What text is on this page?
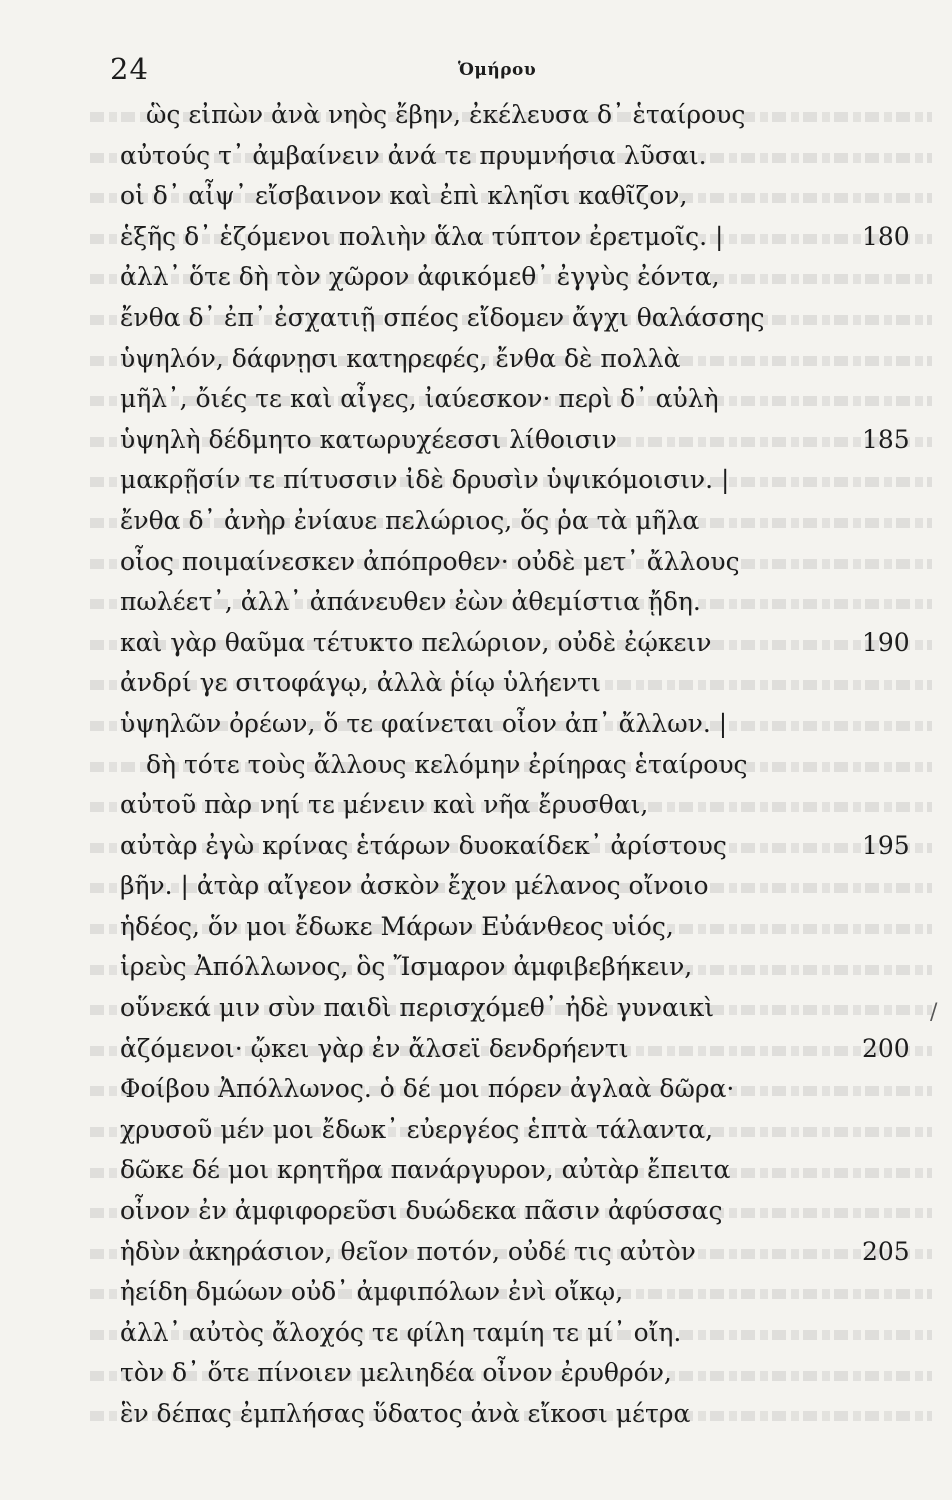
24	Ὁμήρου
ὣς εἰπὼν ἀνὰ νηὸς ἔβην, ἐκέλευσα δ᾽ ἑταίρους
αὐτούς τ᾽ ἀμβαίνειν ἀνά τε πρυμνήσια λῦσαι.
οἱ δ᾽ αἶψ᾽ εἴσβαινον καὶ ἐπὶ κληῖσι καθῖζον,
ἑξῆς δ᾽ ἑζόμενοι πολιὴν ἅλα τύπτον ἐρετμοῖς. |	180
ἀλλ᾽ ὅτε δὴ τὸν χῶρον ἀφικόμεθ᾽ ἐγγὺς ἐόντα,
ἔνθα δ᾽ ἐπ᾽ ἐσχατιῇ σπέος εἴδομεν ἄγχι θαλάσσης
ὑψηλόν, δάφνῃσι κατηρεφές, ἔνθα δὲ πολλὰ
μῆλ᾽, ὄιές τε καὶ αἶγες, ἰαύεσκον· περὶ δ᾽ αὐλὴ
ὑψηλὴ δέδμητο κατωρυχέεσσι λίθοισιν	185
μακρῇσίν τε πίτυσσιν ἰδὲ δρυσὶν ὑψικόμοισιν. |
ἔνθα δ᾽ ἀνὴρ ἐνίαυε πελώριος, ὅς ῥα τὰ μῆλα
οἶος ποιμαίνεσκεν ἀπόπροθεν· οὐδὲ μετ᾽ ἄλλους
πωλέετ᾽, ἀλλ᾽ ἀπάνευθεν ἐὼν ἀθεμίστια ᾔδη.
καὶ γὰρ θαῦμα τέτυκτο πελώριον, οὐδὲ ἐῴκειν	190
ἀνδρί γε σιτοφάγῳ, ἀλλὰ ῥίῳ ὑλήεντι
ὑψηλῶν ὀρέων, ὅ τε φαίνεται οἶον ἀπ᾽ ἄλλων. |
δὴ τότε τοὺς ἄλλους κελόμην ἐρίηρας ἑταίρους
αὐτοῦ πὰρ νηί τε μένειν καὶ νῆα ἔρυσθαι,
αὐτὰρ ἐγὼ κρίνας ἑτάρων δυοκαίδεκ᾽ ἀρίστους	195
βῆν. | ἀτὰρ αἴγεον ἀσκὸν ἔχον μέλανος οἴνοιο
ἡδέος, ὅν μοι ἔδωκε Μάρων Εὐάνθεος υἱός,
ἱρεὺς Ἀπόλλωνος, ὃς Ἴσμαρον ἀμφιβεβήκειν,
οὕνεκά μιν σὺν παιδὶ περισχόμεθ᾽ ἠδὲ γυναικὶ
ἁζόμενοι· ᾤκει γὰρ ἐν ἄλσεϊ δενδρήεντι	200
Φοίβου Ἀπόλλωνος. ὁ δέ μοι πόρεν ἀγλαὰ δῶρα·
χρυσοῦ μέν μοι ἔδωκ᾽ εὐεργέος ἑπτὰ τάλαντα,
δῶκε δέ μοι κρητῆρα πανάργυρον, αὐτὰρ ἔπειτα
οἶνον ἐν ἀμφιφορεῦσι δυώδεκα πᾶσιν ἀφύσσας
ἡδὺν ἀκηράσιον, θεῖον ποτόν, οὐδέ τις αὐτὸν	205
ἠείδη δμώων οὐδ᾽ ἀμφιπόλων ἐνὶ οἴκῳ,
ἀλλ᾽ αὐτὸς ἄλοχός τε φίλη ταμίη τε μί᾽ οἴη.
τὸν δ᾽ ὅτε πίνοιεν μελιηδέα οἶνον ἐρυθρόν,
ἓν δέπας ἐμπλήσας ὕδατος ἀνὰ εἴκοσι μέτρα
/
